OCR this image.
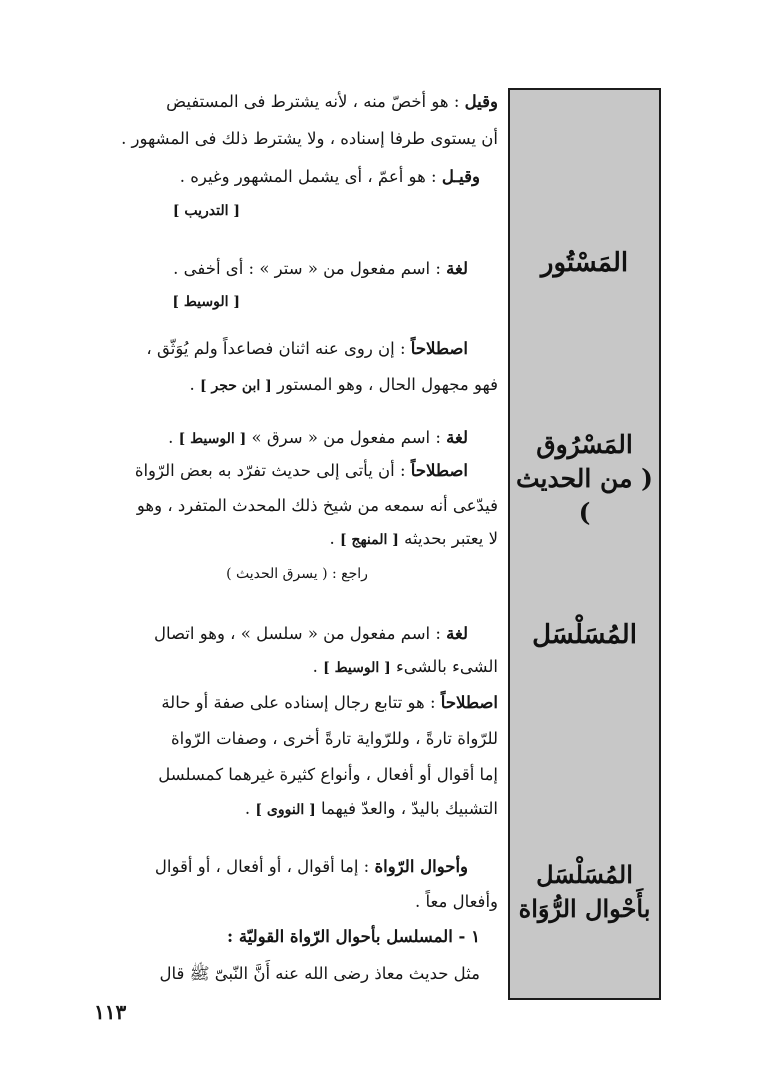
المَسْتُور
المَسْرُوق
( من الحديث )
المُسَلْسَل
المُسَلْسَل
بأَحْوال الرُّوَاة
وقيل : هو أخصّ منه ، لأنه يشترط فى المستفيض
أن يستوى طرفا إسناده ، ولا يشترط ذلك فى المشهور .
وقيـل : هو أعمّ ، أى يشمل المشهور وغيره .
[ التدريب ]
لغة : اسم مفعول من « ستر » : أى أخفى .
[ الوسيط ]
اصطلاحاً : إن روى عنه اثنان فصاعداً ولم يُوَثّق ،
فهو مجهول الحال ، وهو المستور [ ابن حجر ] .
لغة : اسم مفعول من « سرق » [ الوسيط ] .
اصطلاحاً : أن يأتى إلى حديث تفرّد به بعض الرّواة
فيدّعى أنه سمعه من شيخ ذلك المحدث المتفرد ، وهو
لا يعتبر بحديثه [ المنهج ] .
راجع : ( يسرق الحديث )
لغة : اسم مفعول من « سلسل » ، وهو اتصال
الشىء بالشىء [ الوسيط ] .
اصطلاحاً : هو تتابع رجال إسناده على صفة أو حالة
للرّواة تارةً ، وللرّواية تارةً أخرى ، وصفات الرّواة
إما أقوال أو أفعال ، وأنواع كثيرة غيرهما كمسلسل
التشبيك باليدّ ، والعدّ فيهما [ النووى ] .
وأحوال الرّواة : إما أقوال ، أو أفعال ، أو أقوال
وأفعال معاً .
١ - المسلسل بأحوال الرّواة القوليّة :
مثل حديث معاذ رضى الله عنه أَنَّ النّبىّ ﷺ قال
١١٣
